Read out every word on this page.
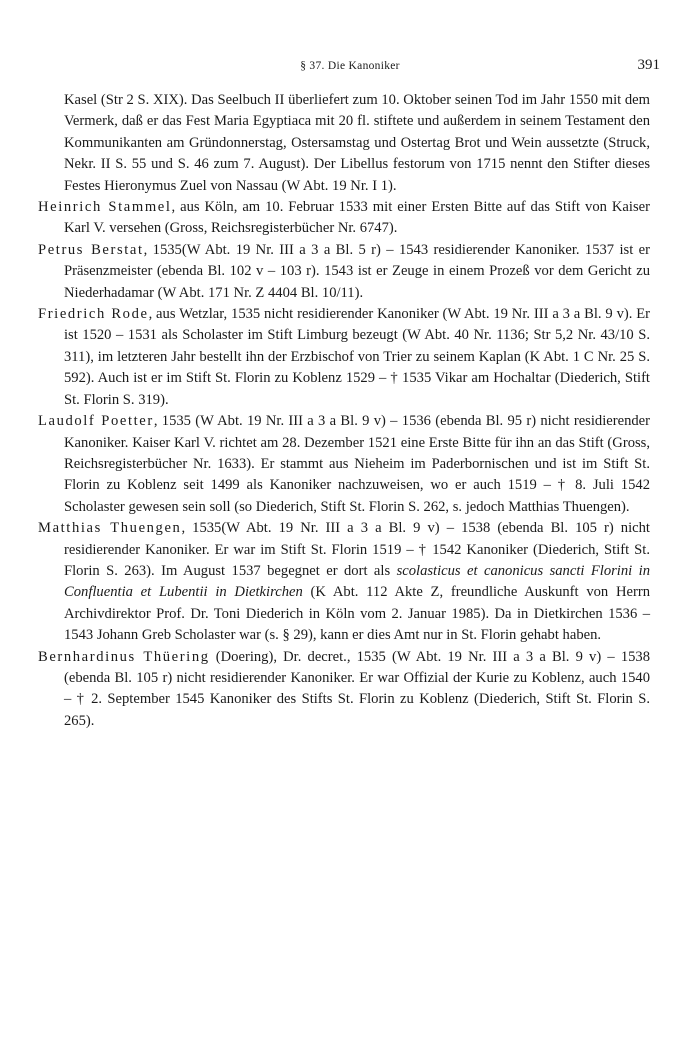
§ 37. Die Kanoniker	391

Kasel (Str 2 S. XIX). Das Seelbuch II überliefert zum 10. Oktober seinen Tod im Jahr 1550 mit dem Vermerk, daß er das Fest Maria Egyptiaca mit 20 fl. stiftete und außerdem in seinem Testament den Kommunikanten am Gründonnerstag, Ostersamstag und Ostertag Brot und Wein aussetzte (Struck, Nekr. II S. 55 und S. 46 zum 7. August). Der Libellus festorum von 1715 nennt den Stifter dieses Festes Hieronymus Zuel von Nassau (W Abt. 19 Nr. I 1).

Heinrich Stammel, aus Köln, am 10. Februar 1533 mit einer Ersten Bitte auf das Stift von Kaiser Karl V. versehen (Gross, Reichsregisterbücher Nr. 6747).

Petrus Berstat, 1535(W Abt. 19 Nr. III a 3 a Bl. 5 r) – 1543 residierender Kanoniker. 1537 ist er Präsenzmeister (ebenda Bl. 102 v – 103 r). 1543 ist er Zeuge in einem Prozeß vor dem Gericht zu Niederhadamar (W Abt. 171 Nr. Z 4404 Bl. 10/11).

Friedrich Rode, aus Wetzlar, 1535 nicht residierender Kanoniker (W Abt. 19 Nr. III a 3 a Bl. 9 v). Er ist 1520 – 1531 als Scholaster im Stift Limburg bezeugt (W Abt. 40 Nr. 1136; Str 5,2 Nr. 43/10 S. 311), im letzteren Jahr bestellt ihn der Erzbischof von Trier zu seinem Kaplan (K Abt. 1 C Nr. 25 S. 592). Auch ist er im Stift St. Florin zu Koblenz 1529 – † 1535 Vikar am Hochaltar (Diederich, Stift St. Florin S. 319).

Laudolf Poetter, 1535 (W Abt. 19 Nr. III a 3 a Bl. 9 v) – 1536 (ebenda Bl. 95 r) nicht residierender Kanoniker. Kaiser Karl V. richtet am 28. Dezember 1521 eine Erste Bitte für ihn an das Stift (Gross, Reichsregisterbücher Nr. 1633). Er stammt aus Nieheim im Paderbornischen und ist im Stift St. Florin zu Koblenz seit 1499 als Kanoniker nachzuweisen, wo er auch 1519 – † 8. Juli 1542 Scholaster gewesen sein soll (so Diederich, Stift St. Florin S. 262, s. jedoch Matthias Thuengen).

Matthias Thuengen, 1535(W Abt. 19 Nr. III a 3 a Bl. 9 v) – 1538 (ebenda Bl. 105 r) nicht residierender Kanoniker. Er war im Stift St. Florin 1519 – † 1542 Kanoniker (Diederich, Stift St. Florin S. 263). Im August 1537 begegnet er dort als scolasticus et canonicus sancti Florini in Confluentia et Lubentii in Dietkirchen (K Abt. 112 Akte Z, freundliche Auskunft von Herrn Archivdirektor Prof. Dr. Toni Diederich in Köln vom 2. Januar 1985). Da in Dietkirchen 1536 – 1543 Johann Greb Scholaster war (s. § 29), kann er dies Amt nur in St. Florin gehabt haben.

Bernhardinus Thüering (Doering), Dr. decret., 1535 (W Abt. 19 Nr. III a 3 a Bl. 9 v) – 1538 (ebenda Bl. 105 r) nicht residierender Kanoniker. Er war Offizial der Kurie zu Koblenz, auch 1540 – † 2. September 1545 Kanoniker des Stifts St. Florin zu Koblenz (Diederich, Stift St. Florin S. 265).
